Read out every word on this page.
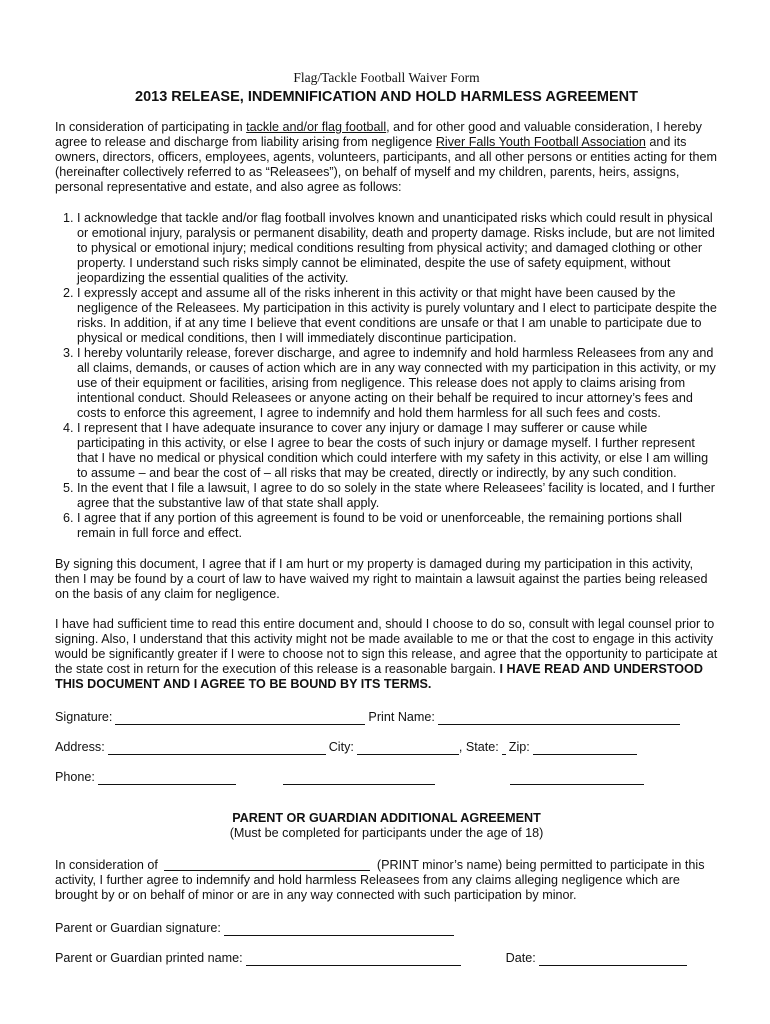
Flag/Tackle Football Waiver Form
2013 RELEASE, INDEMNIFICATION AND HOLD HARMLESS AGREEMENT

In consideration of participating in tackle and/or flag football, and for other good and valuable consideration, I hereby agree to release and discharge from liability arising from negligence River Falls Youth Football Association and its owners, directors, officers, employees, agents, volunteers, participants, and all other persons or entities acting for them (hereinafter collectively referred to as “Releasees”), on behalf of myself and my children, parents, heirs, assigns, personal representative and estate, and also agree as follows:

1. I acknowledge that tackle and/or flag football involves known and unanticipated risks which could result in physical or emotional injury, paralysis or permanent disability, death and property damage. Risks include, but are not limited to physical or emotional injury; medical conditions resulting from physical activity; and damaged clothing or other property. I understand such risks simply cannot be eliminated, despite the use of safety equipment, without jeopardizing the essential qualities of the activity.
2. I expressly accept and assume all of the risks inherent in this activity or that might have been caused by the negligence of the Releasees. My participation in this activity is purely voluntary and I elect to participate despite the risks. In addition, if at any time I believe that event conditions are unsafe or that I am unable to participate due to physical or medical conditions, then I will immediately discontinue participation.
3. I hereby voluntarily release, forever discharge, and agree to indemnify and hold harmless Releasees from any and all claims, demands, or causes of action which are in any way connected with my participation in this activity, or my use of their equipment or facilities, arising from negligence. This release does not apply to claims arising from intentional conduct. Should Releasees or anyone acting on their behalf be required to incur attorney’s fees and costs to enforce this agreement, I agree to indemnify and hold them harmless for all such fees and costs.
4. I represent that I have adequate insurance to cover any injury or damage I may sufferer or cause while participating in this activity, or else I agree to bear the costs of such injury or damage myself. I further represent that I have no medical or physical condition which could interfere with my safety in this activity, or else I am willing to assume – and bear the cost of – all risks that may be created, directly or indirectly, by any such condition.
5. In the event that I file a lawsuit, I agree to do so solely in the state where Releasees’ facility is located, and I further agree that the substantive law of that state shall apply.
6. I agree that if any portion of this agreement is found to be void or unenforceable, the remaining portions shall remain in full force and effect.

By signing this document, I agree that if I am hurt or my property is damaged during my participation in this activity, then I may be found by a court of law to have waived my right to maintain a lawsuit against the parties being released on the basis of any claim for negligence.

I have had sufficient time to read this entire document and, should I choose to do so, consult with legal counsel prior to signing. Also, I understand that this activity might not be made available to me or that the cost to engage in this activity would be significantly greater if I were to choose not to sign this release, and agree that the opportunity to participate at the state cost in return for the execution of this release is a reasonable bargain. I HAVE READ AND UNDERSTOOD THIS DOCUMENT AND I AGREE TO BE BOUND BY ITS TERMS.

Signature:	Print Name:
Address:	City:	, State: Zip:
Phone:
PARENT OR GUARDIAN ADDITIONAL AGREEMENT
(Must be completed for participants under the age of 18)

In consideration of	(PRINT minor’s name) being permitted to participate in this activity, I further agree to indemnify and hold harmless Releasees from any claims alleging negligence which are brought by or on behalf of minor or are in any way connected with such participation by minor.

Parent or Guardian signature:
Parent or Guardian printed name:	Date:
